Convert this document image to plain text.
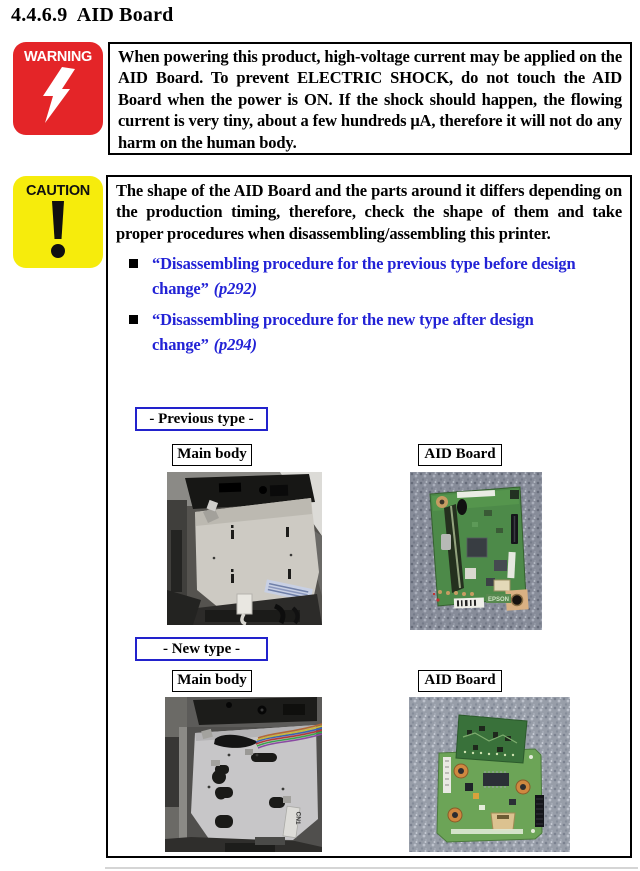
4.4.6.9  AID Board
WARNING	When powering this product, high-voltage current may be applied on the AID Board. To prevent ELECTRIC SHOCK, do not touch the AID Board when the power is ON. If the shock should happen, the flowing current is very tiny, about a few hundreds μA, therefore it will not do any harm on the human body.
CAUTION	The shape of the AID Board and the parts around it differs depending on the production timing, therefore, check the shape of them and take proper procedures when disassembling/assembling this printer.
“Disassembling procedure for the previous type before design change” (p292)
“Disassembling procedure for the new type after design change” (p294)
- Previous type -
Main body	AID Board
EPSON
- New type -
Main body	AID Board
CN1
